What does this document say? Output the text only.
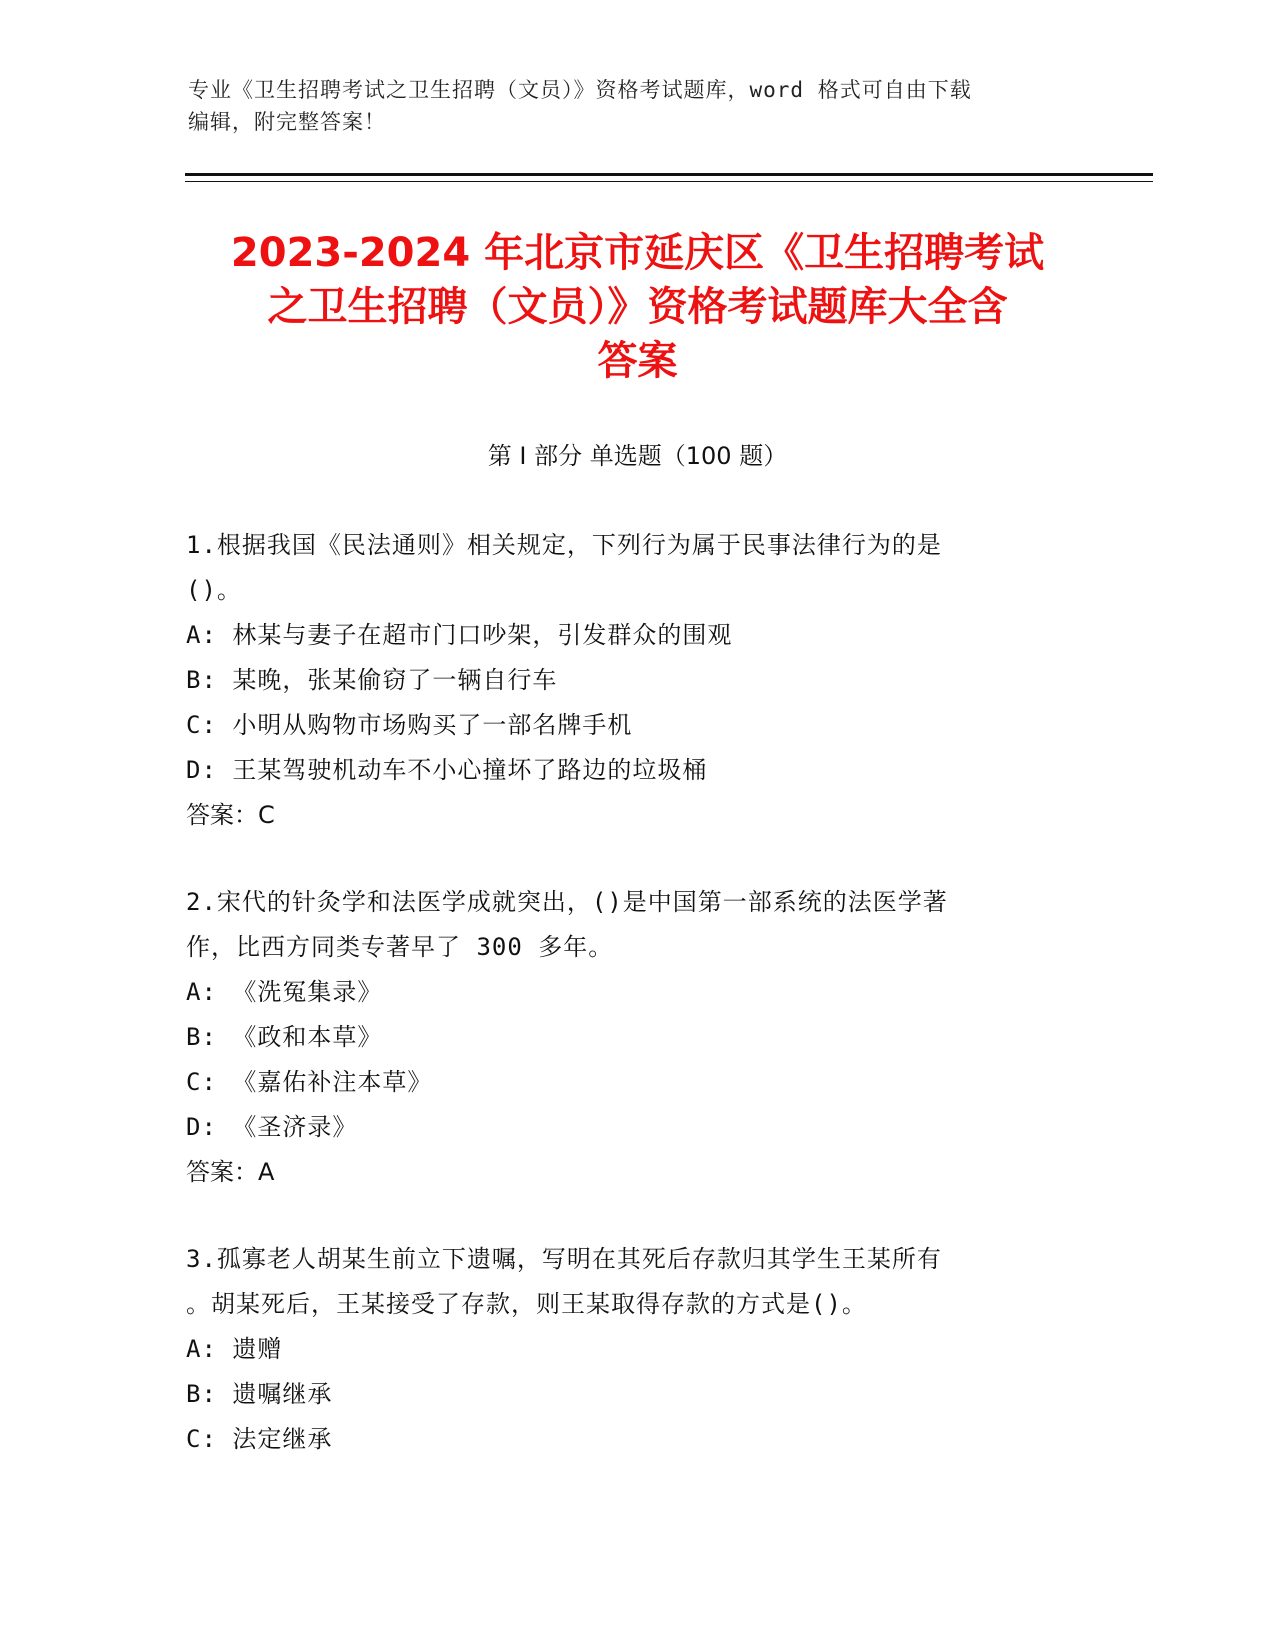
专业《卫生招聘考试之卫生招聘（文员）》资格考试题库，word 格式可自由下载
编辑，附完整答案！
2023-2024 年北京市延庆区《卫生招聘考试
之卫生招聘（文员）》资格考试题库大全含
答案
第 I 部分 单选题（100 题）
1.根据我国《民法通则》相关规定，下列行为属于民事法律行为的是
()。
A: 林某与妻子在超市门口吵架，引发群众的围观
B: 某晚，张某偷窃了一辆自行车
C: 小明从购物市场购买了一部名牌手机
D: 王某驾驶机动车不小心撞坏了路边的垃圾桶
答案：C
2.宋代的针灸学和法医学成就突出，()是中国第一部系统的法医学著
作，比西方同类专著早了 300 多年。
A: 《洗冤集录》
B: 《政和本草》
C: 《嘉佑补注本草》
D: 《圣济录》
答案：A
3.孤寡老人胡某生前立下遗嘱，写明在其死后存款归其学生王某所有
。胡某死后，王某接受了存款，则王某取得存款的方式是()。
A: 遗赠
B: 遗嘱继承
C: 法定继承
